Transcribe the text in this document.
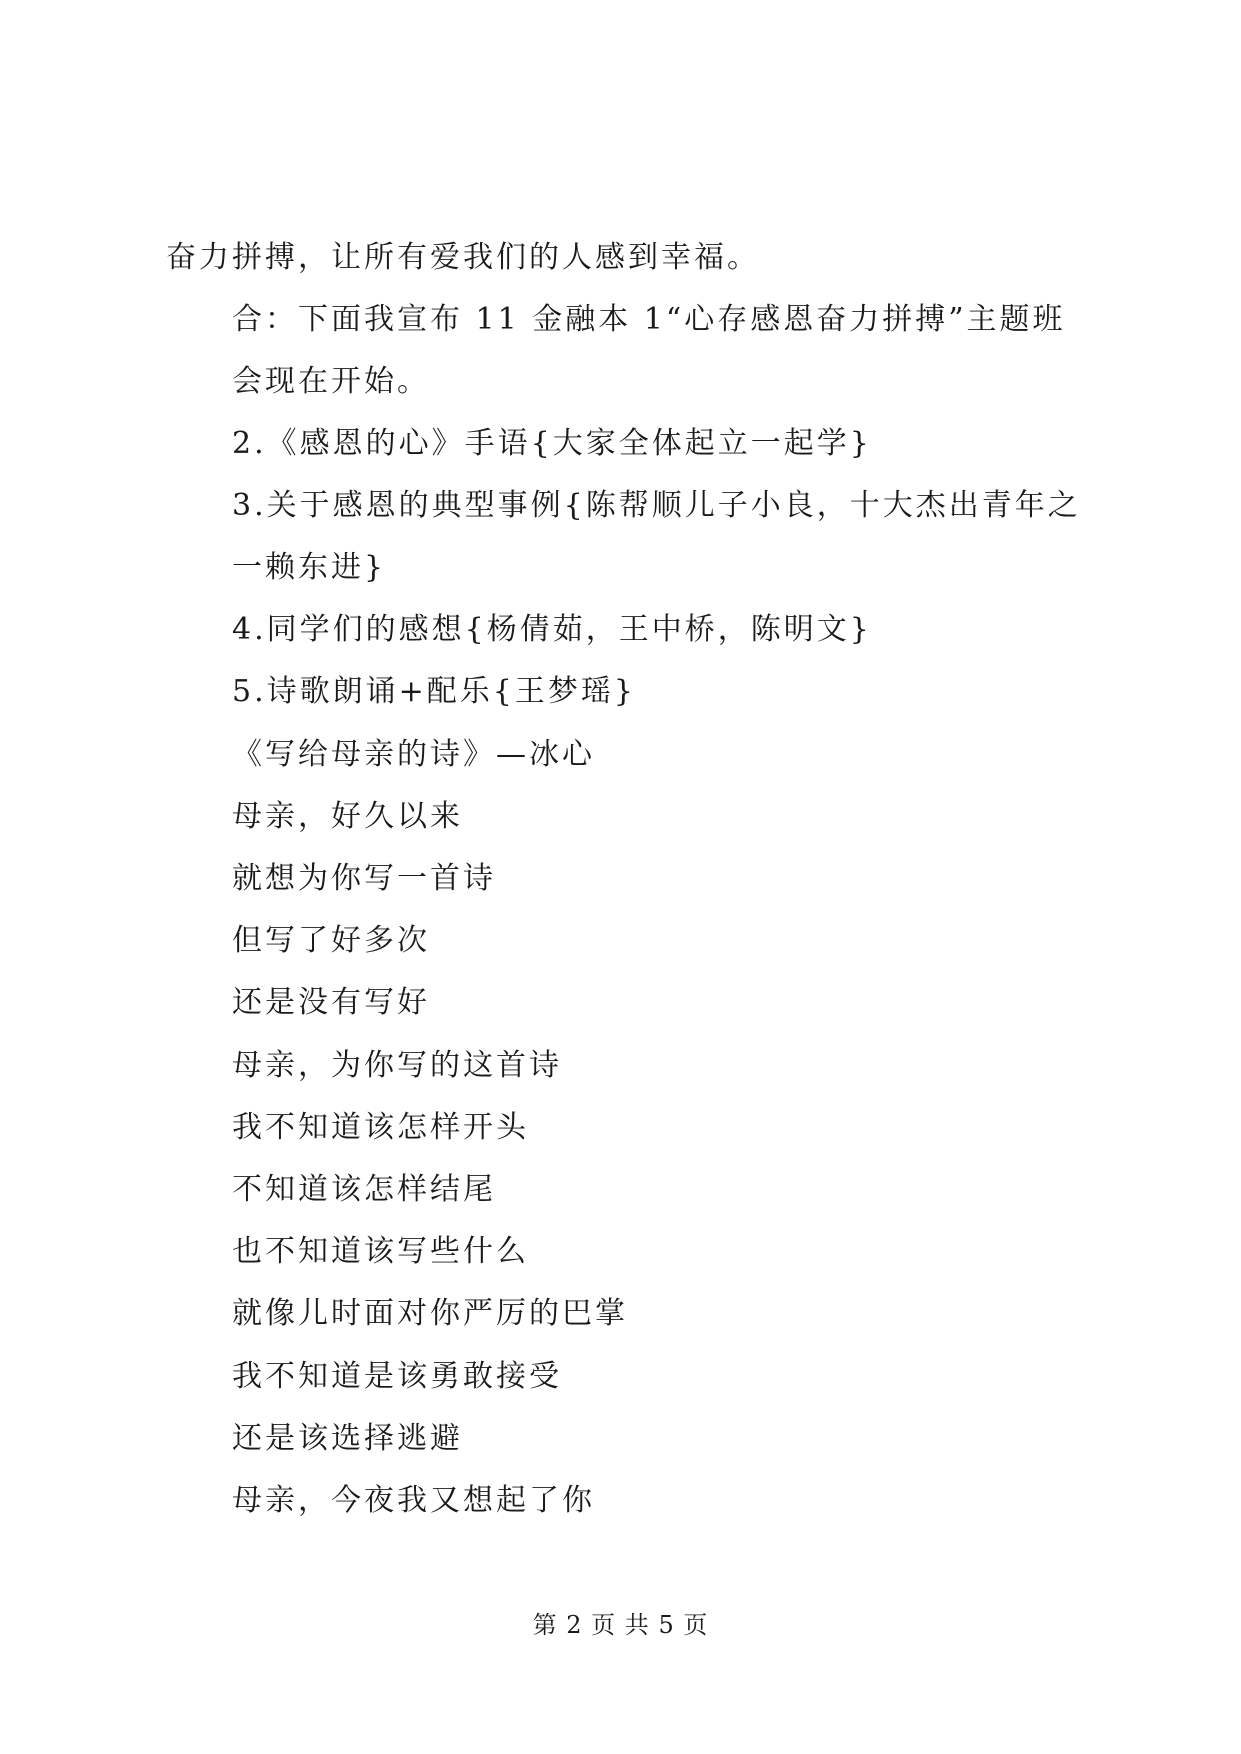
奋力拼搏，让所有爱我们的人感到幸福。
合：下面我宣布 11 金融本 1“心存感恩奋力拼搏”主题班
会现在开始。
2.《感恩的心》手语{大家全体起立一起学}
3.关于感恩的典型事例{陈帮顺儿子小良，十大杰出青年之
一赖东进}
4.同学们的感想{杨倩茹，王中桥，陈明文}
5.诗歌朗诵+配乐{王梦瑶}
《写给母亲的诗》—冰心
母亲，好久以来
就想为你写一首诗
但写了好多次
还是没有写好
母亲，为你写的这首诗
我不知道该怎样开头
不知道该怎样结尾
也不知道该写些什么
就像儿时面对你严厉的巴掌
我不知道是该勇敢接受
还是该选择逃避
母亲，今夜我又想起了你
第 2 页 共 5 页
